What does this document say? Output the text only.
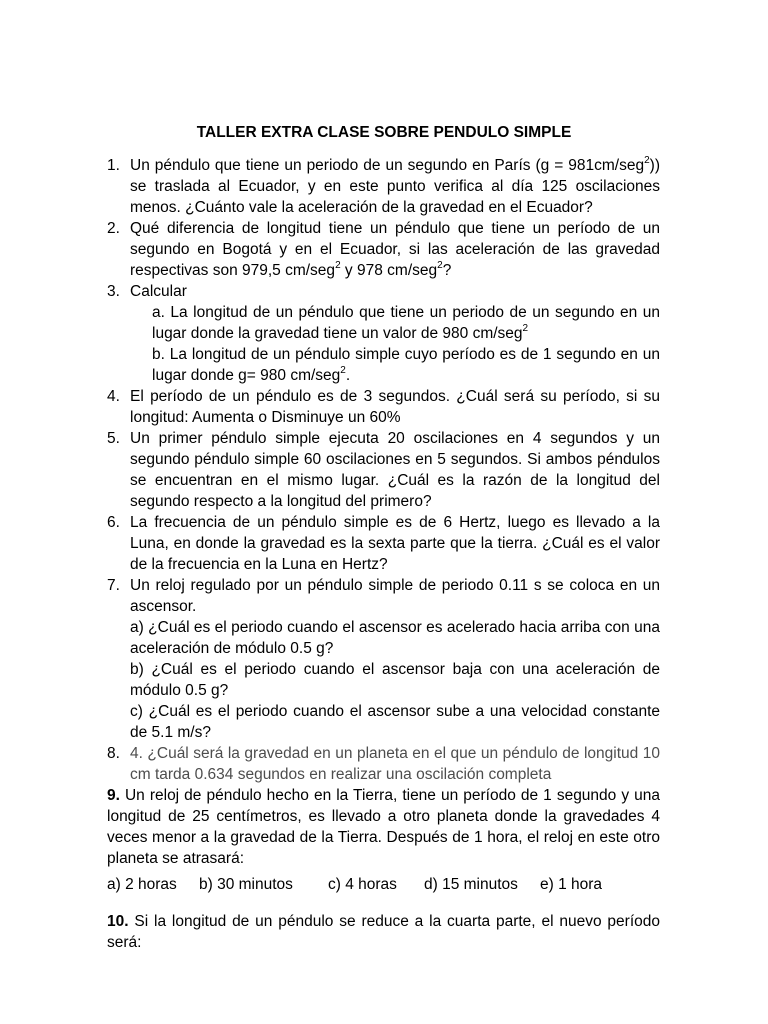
TALLER EXTRA CLASE SOBRE PENDULO SIMPLE
1. Un péndulo que tiene un periodo de un segundo en París (g = 981cm/seg$^2$)) se traslada al Ecuador, y en este punto verifica al día 125 oscilaciones menos. ¿Cuánto vale la aceleración de la gravedad en el Ecuador?
2. Qué diferencia de longitud tiene un péndulo que tiene un período de un segundo en Bogotá y en el Ecuador, si las aceleración de las gravedad respectivas son 979,5 cm/seg$^2$ y 978 cm/seg$^2$?
3. Calcular
a. La longitud de un péndulo que tiene un periodo de un segundo en un lugar donde la gravedad tiene un valor de 980 cm/seg$^2$
b. La longitud de un péndulo simple cuyo período es de 1 segundo en un lugar donde g= 980 cm/seg$^2$.
4. El período de un péndulo es de 3 segundos. ¿Cuál será su período, si su longitud: Aumenta o Disminuye un 60%
5. Un primer péndulo simple ejecuta 20 oscilaciones en 4 segundos y un segundo péndulo simple 60 oscilaciones en 5 segundos. Si ambos péndulos se encuentran en el mismo lugar. ¿Cuál es la razón de la longitud del segundo respecto a la longitud del primero?
6. La frecuencia de un péndulo simple es de 6 Hertz, luego es llevado a la Luna, en donde la gravedad es la sexta parte que la tierra. ¿Cuál es el valor de la frecuencia en la Luna en Hertz?
7. Un reloj regulado por un péndulo simple de periodo 0.11 s se coloca en un ascensor.
a) ¿Cuál es el periodo cuando el ascensor es acelerado hacia arriba con una aceleración de módulo 0.5 g?
b) ¿Cuál es el periodo cuando el ascensor baja con una aceleración de módulo 0.5 g?
c) ¿Cuál es el periodo cuando el ascensor sube a una velocidad constante de 5.1 m/s?
8. 4. ¿Cuál será la gravedad en un planeta en el que un péndulo de longitud 10 cm tarda 0.634 segundos en realizar una oscilación completa
9. Un reloj de péndulo hecho en la Tierra, tiene un período de 1 segundo y una longitud de 25 centímetros, es llevado a otro planeta donde la gravedades 4 veces menor a la gravedad de la Tierra. Después de 1 hora, el reloj en este otro planeta se atrasará:
a) 2 horas b) 30 minutos c) 4 horas d) 15 minutos e) 1 hora
10. Si la longitud de un péndulo se reduce a la cuarta parte, el nuevo período será:
